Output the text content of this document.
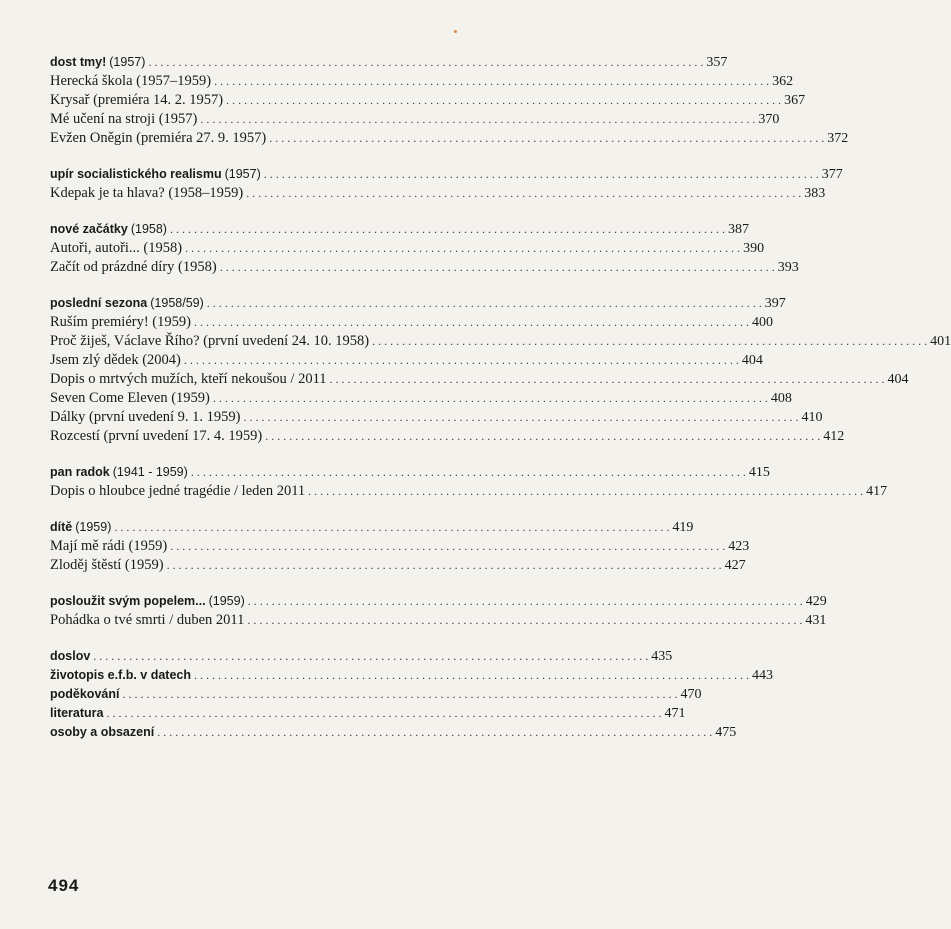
dost tmy! (1957) . . .	357
Herecká škola (1957–1959) . . .	362
Krysař (premiéra 14. 2. 1957) . . .	367
Mé učení na stroji (1957) . . .	370
Evžen Oněgin (premiéra 27. 9. 1957) . . .	372
upír socialistického realismu (1957) . . .	377
Kdepak je ta hlava? (1958–1959) . . .	383
nové začátky (1958) . . .	387
Autoři, autoři... (1958) . . .	390
Začít od prázdné díry (1958) . . .	393
poslední sezona (1958/59) . . .	397
Ruším premiéry! (1959) . . .	400
Proč žiješ, Václave Řího? (první uvedení 24. 10. 1958) . . .	401
Jsem zlý dědek (2004) . . .	404
Dopis o mrtvých mužích, kteří nekoušou / 2011 . . .	404
Seven Come Eleven (1959) . . .	408
Dálky (první uvedení 9. 1. 1959) . . .	410
Rozcestí (první uvedení 17. 4. 1959) . . .	412
pan radok (1941 - 1959) . . .	415
Dopis o hloubce jedné tragédie / leden 2011 . . .	417
dítě (1959) . . .	419
Mají mě rádi (1959) . . .	423
Zloděj štěstí (1959) . . .	427
posloužit svým popelem... (1959) . . .	429
Pohádka o tvé smrti / duben 2011 . . .	431
doslov . . .	435
životopis e.f.b. v datech . . .	443
poděkování . . .	470
literatura . . .	471
osoby a obsazení . . .	475
494
